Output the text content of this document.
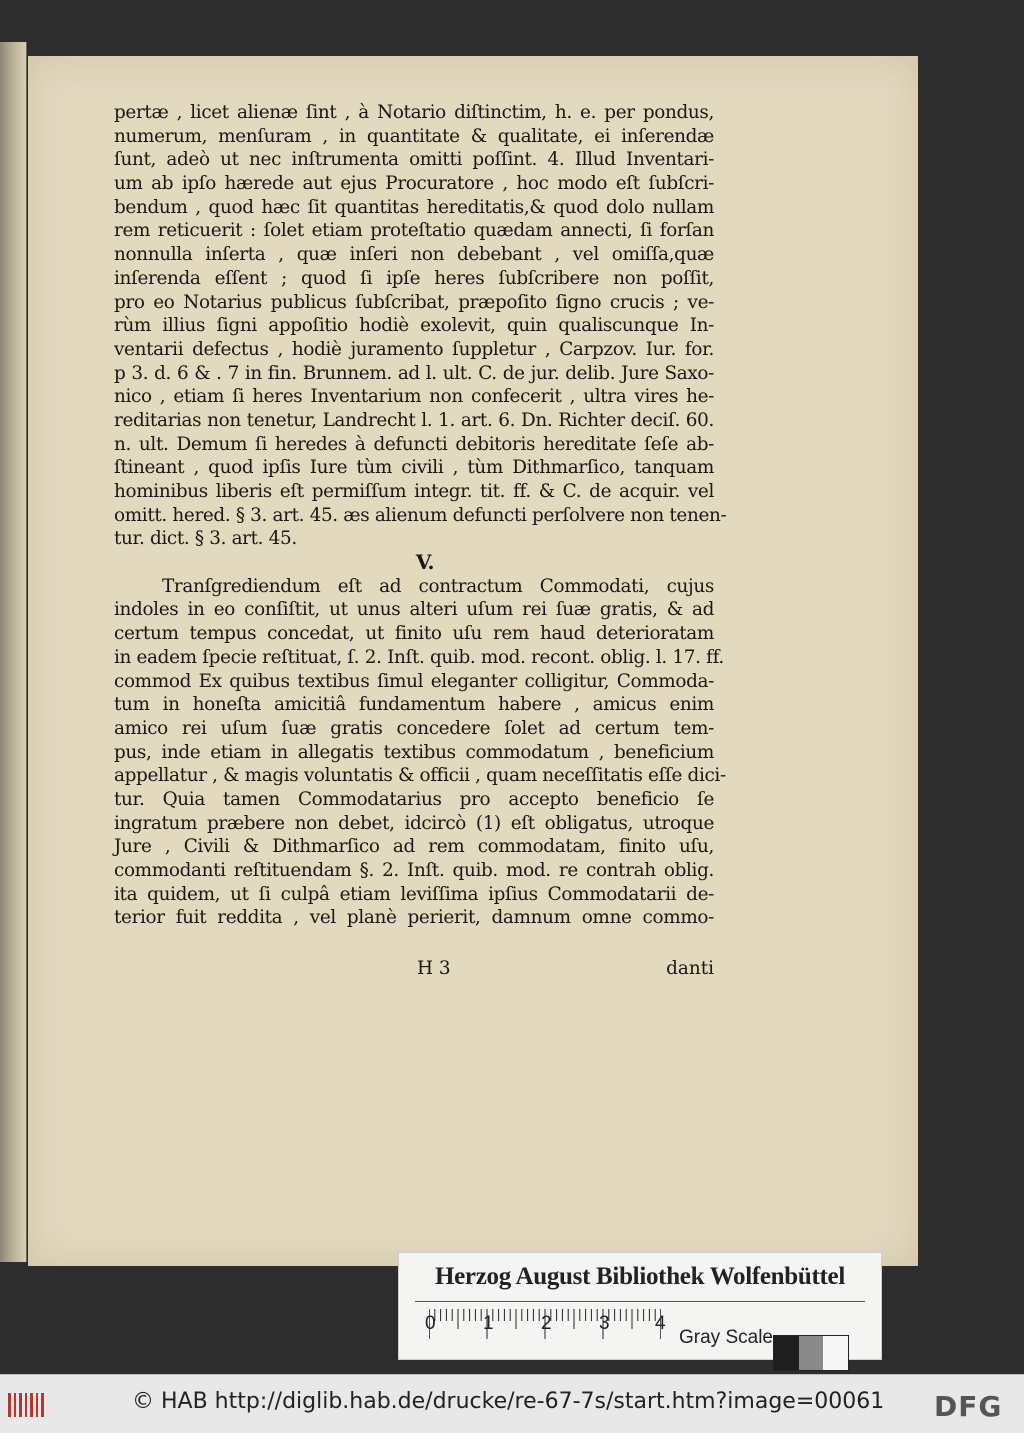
pertæ , licet alienæ ſint , à Notario diſtinctim, h. e. per pondus,
numerum, menſuram , in quantitate & qualitate, ei inſerendæ
ſunt, adeò ut nec inſtrumenta omitti poſſint. 4. Illud Inventari-
um ab ipſo hærede aut ejus Procuratore , hoc modo eſt ſubſcri-
bendum , quod hæc ſit quantitas hereditatis,& quod dolo nullam
rem reticuerit : ſolet etiam proteſtatio quædam annecti, ſi forſan
nonnulla inſerta , quæ inſeri non debebant , vel omiſſa,quæ
inſerenda eſſent ; quod ſi ipſe heres ſubſcribere non poſſit,
pro eo Notarius publicus ſubſcribat, præpoſito ſigno crucis ; ve-
rùm illius ſigni appoſitio hodiè exolevit, quin qualiscunque In-
ventarii defectus , hodiè juramento ſuppletur , Carpzov. Iur. for.
p 3. d. 6 & . 7 in fin. Brunnem. ad l. ult. C. de jur. delib. Jure Saxo-
nico , etiam ſi heres Inventarium non confecerit , ultra vires he-
reditarias non tenetur, Landrecht l. 1. art. 6. Dn. Richter deciſ. 60.
n. ult. Demum ſi heredes à defuncti debitoris hereditate ſeſe ab-
ſtineant , quod ipſis Iure tùm civili , tùm Dithmarſico, tanquam
hominibus liberis eſt permiſſum integr. tit. ff. & C. de acquir. vel
omitt. hered. § 3. art. 45. æs alienum defuncti perſolvere non tenen-
tur. dict. § 3. art. 45.
V.
Tranſgrediendum eſt ad contractum Commodati, cujus
indoles in eo conſiſtit, ut unus alteri uſum rei ſuæ gratis, & ad
certum tempus concedat, ut finito uſu rem haud deterioratam
in eadem ſpecie reſtituat, ſ. 2. Inſt. quib. mod. recont. oblig. l. 17. ff.
commod Ex quibus textibus ſimul eleganter colligitur, Commoda-
tum in honeſta amicitiâ fundamentum habere , amicus enim
amico rei uſum ſuæ gratis concedere ſolet ad certum tem-
pus, inde etiam in allegatis textibus commodatum , beneficium
appellatur , & magis voluntatis & officii , quam neceſſitatis eſſe dici-
tur. Quia tamen Commodatarius pro accepto beneficio ſe
ingratum præbere non debet, idcircò (1) eſt obligatus, utroque
Jure , Civili & Dithmarſico ad rem commodatam, finito uſu,
commodanti reſtituendam §. 2. Inſt. quib. mod. re contrah oblig.
ita quidem, ut ſi culpâ etiam leviſſima ipſius Commodatarii de-
terior fuit reddita , vel planè perierit, damnum omne commo-
H 3	danti
Herzog August Bibliothek Wolfenbüttel
0 1 2 3 4
Gray Scale
© HAB http://diglib.hab.de/drucke/re-67-7s/start.htm?image=00061 DFG
